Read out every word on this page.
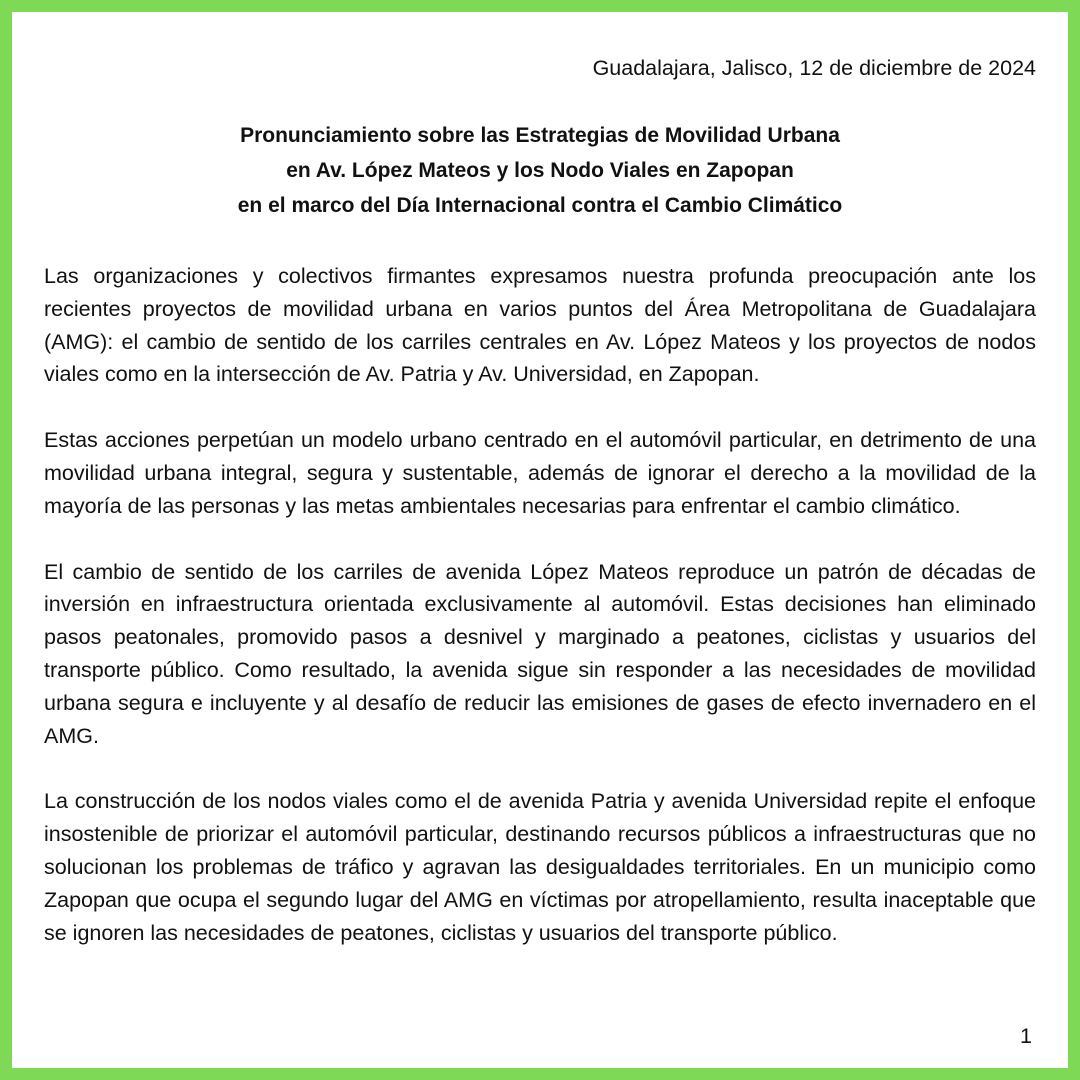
Guadalajara, Jalisco, 12 de diciembre de 2024
Pronunciamiento sobre las Estrategias de Movilidad Urbana
en Av. López Mateos y los Nodo Viales en Zapopan
en el marco del Día Internacional contra el Cambio Climático

Las organizaciones y colectivos firmantes expresamos nuestra profunda preocupación ante los recientes proyectos de movilidad urbana en varios puntos del Área Metropolitana de Guadalajara (AMG): el cambio de sentido de los carriles centrales en Av. López Mateos y los proyectos de nodos viales como en la intersección de Av. Patria y Av. Universidad, en Zapopan.

Estas acciones perpetúan un modelo urbano centrado en el automóvil particular, en detrimento de una movilidad urbana integral, segura y sustentable, además de ignorar el derecho a la movilidad de la mayoría de las personas y las metas ambientales necesarias para enfrentar el cambio climático.

El cambio de sentido de los carriles de avenida López Mateos reproduce un patrón de décadas de inversión en infraestructura orientada exclusivamente al automóvil. Estas decisiones han eliminado pasos peatonales, promovido pasos a desnivel y marginado a peatones, ciclistas y usuarios del transporte público. Como resultado, la avenida sigue sin responder a las necesidades de movilidad urbana segura e incluyente y al desafío de reducir las emisiones de gases de efecto invernadero en el AMG.

La construcción de los nodos viales como el de avenida Patria y avenida Universidad repite el enfoque insostenible de priorizar el automóvil particular, destinando recursos públicos a infraestructuras que no solucionan los problemas de tráfico y agravan las desigualdades territoriales. En un municipio como Zapopan que ocupa el segundo lugar del AMG en víctimas por atropellamiento, resulta inaceptable que se ignoren las necesidades de peatones, ciclistas y usuarios del transporte público.

1
